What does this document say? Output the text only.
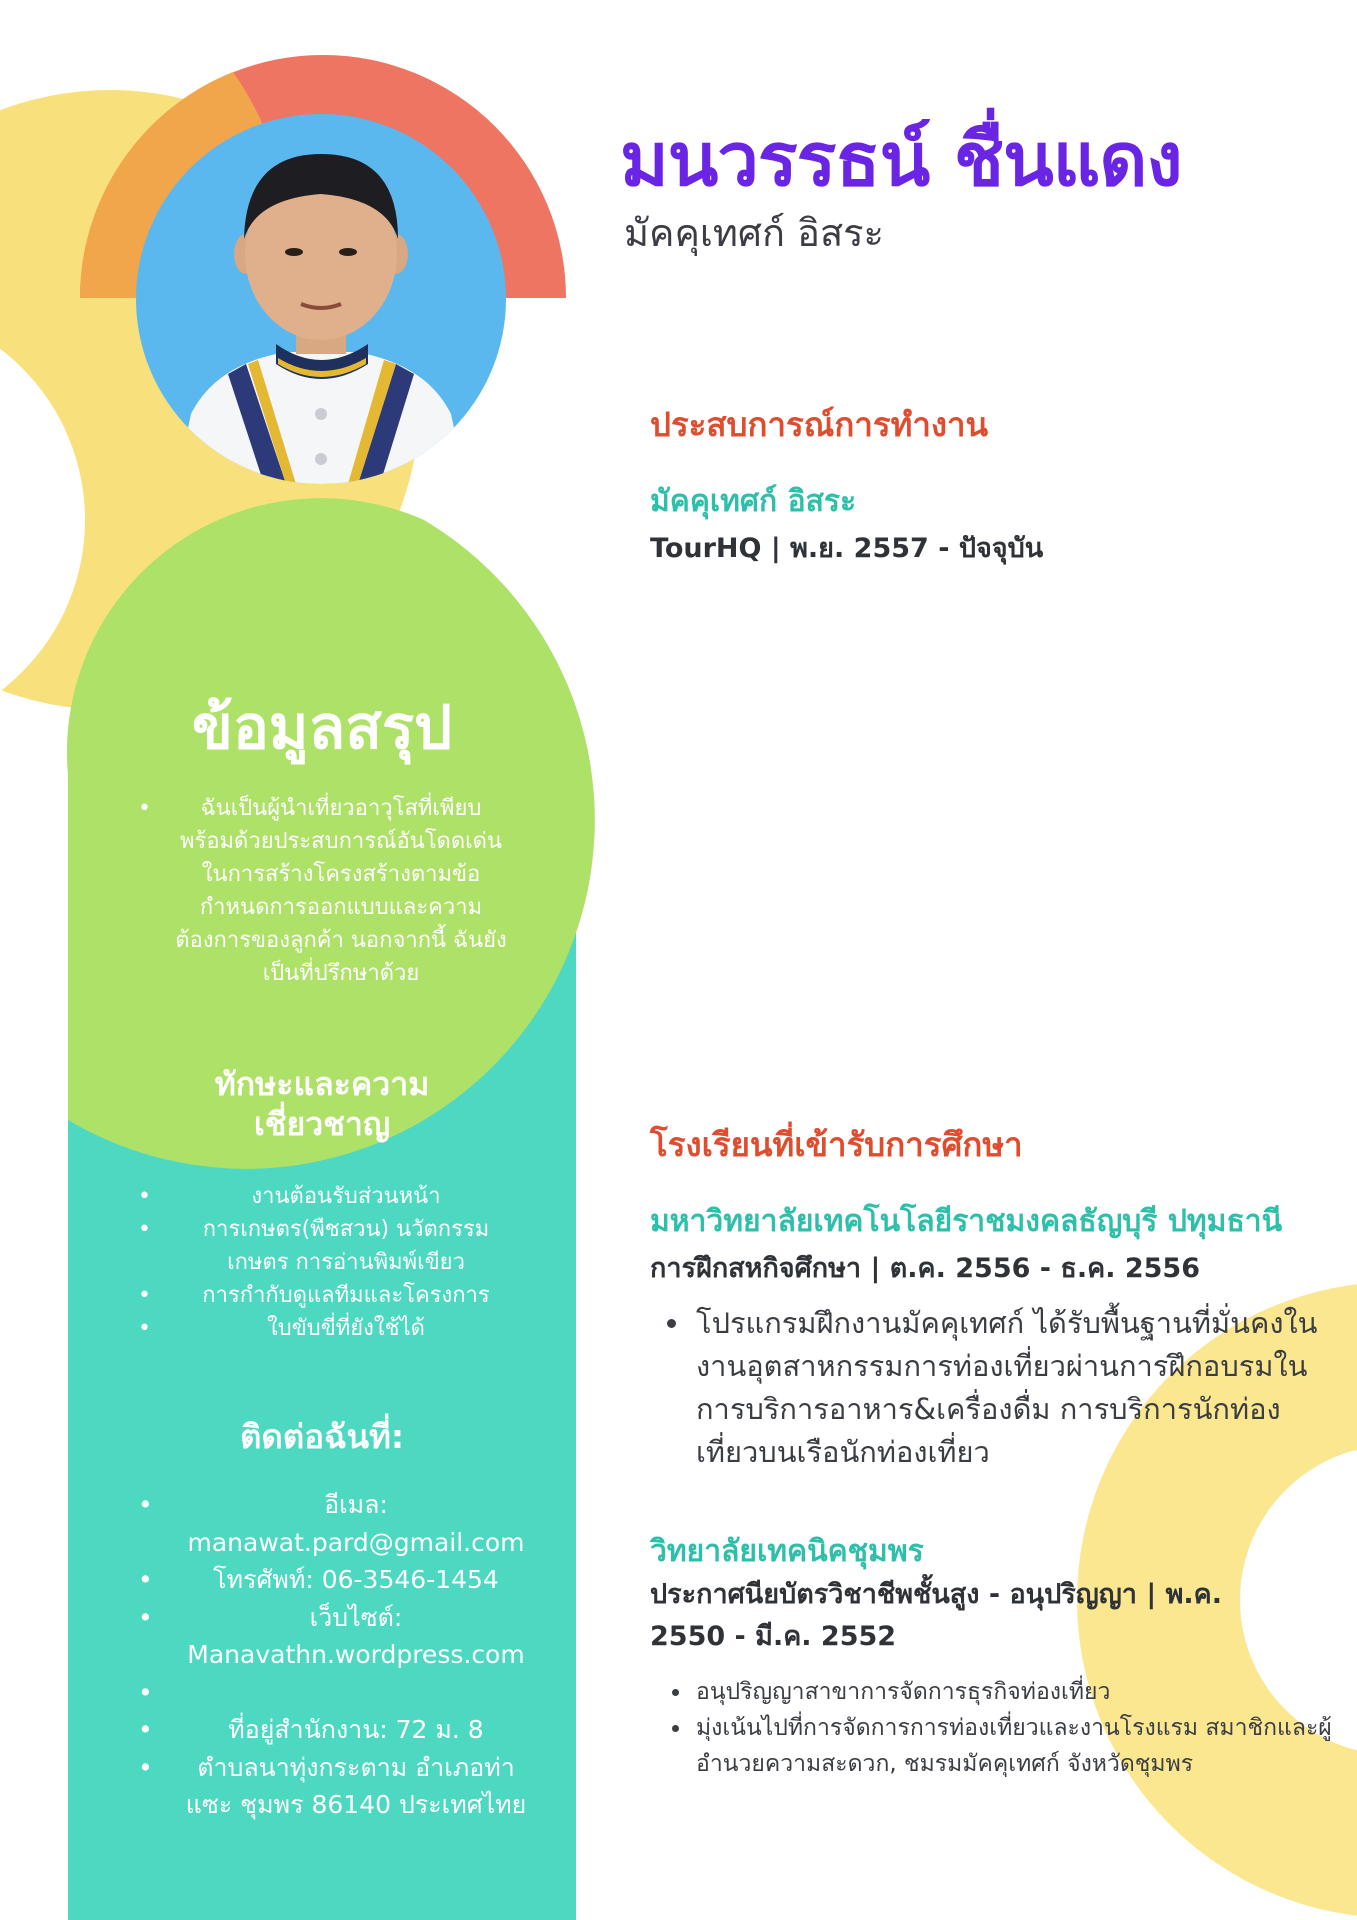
มนวรรธน์ ชื่นแดง
มัคคุเทศก์ อิสระ
ประสบการณ์การทำงาน
มัคคุเทศก์ อิสระ
TourHQ | พ.ย. 2557 - ปัจจุบัน
โรงเรียนที่เข้ารับการศึกษา
มหาวิทยาลัยเทคโนโลยีราชมงคลธัญบุรี ปทุมธานี
การฝึกสหกิจศึกษา | ต.ค. 2556 - ธ.ค. 2556
• โปรแกรมฝึกงานมัคคุเทศก์ ได้รับพื้นฐานที่มั่นคงในงานอุตสาหกรรมการท่องเที่ยวผ่านการฝึกอบรมในการบริการอาหาร&เครื่องดื่ม การบริการนักท่องเที่ยวบนเรือนักท่องเที่ยว
วิทยาลัยเทคนิคชุมพร
ประกาศนียบัตรวิชาชีพชั้นสูง - อนุปริญญา | พ.ค. 2550 - มี.ค. 2552
• อนุปริญญาสาขาการจัดการธุรกิจท่องเที่ยว
• มุ่งเน้นไปที่การจัดการการท่องเที่ยวและงานโรงแรม สมาชิกและผู้อำนวยความสะดวก, ชมรมมัคคุเทศก์ จังหวัดชุมพร
ข้อมูลสรุป
• ฉันเป็นผู้นำเที่ยวอาวุโสที่เพียบพร้อมด้วยประสบการณ์อันโดดเด่นในการสร้างโครงสร้างตามข้อกำหนดการออกแบบและความต้องการของลูกค้า นอกจากนี้ ฉันยังเป็นที่ปรึกษาด้วย
ทักษะและความเชี่ยวชาญ
• งานต้อนรับส่วนหน้า
• การเกษตร(พืชสวน) นวัตกรรมเกษตร การอ่านพิมพ์เขียว
• การกำกับดูแลทีมและโครงการ
• ใบขับขี่ที่ยังใช้ได้
ติดต่อฉันที่:
• อีเมล: manawat.pard@gmail.com
• โทรศัพท์: 06-3546-1454
• เว็บไซต์: Manavathn.wordpress.com
•
• ที่อยู่สำนักงาน: 72 ม. 8
• ตำบลนาทุ่งกระตาม อำเภอท่าแซะ ชุมพร 86140 ประเทศไทย
